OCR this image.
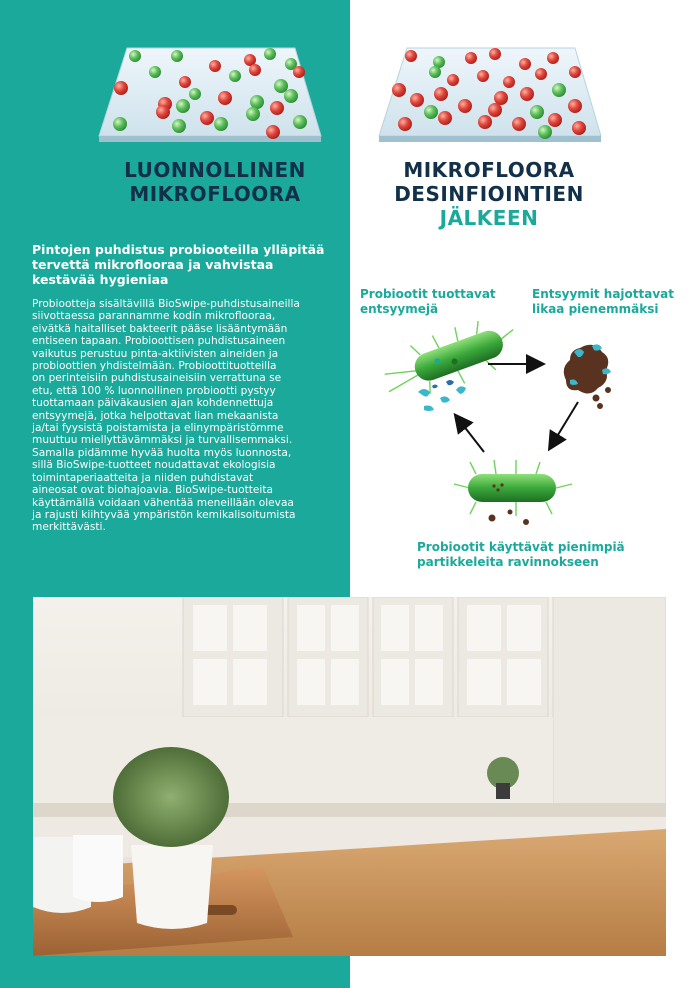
LUONNOLLINEN
MIKROFLOORA
MIKROFLOORA
DESINFIOINTIEN
JÄLKEEN
Pintojen puhdistus probiooteilla ylläpitää tervettä mikroflooraa ja vahvistaa kestävää hygieniaa
Probiootteja sisältävillä BioSwipe-puhdistusaineilla
siivottaessa parannamme kodin mikroflooraa,
eivätkä haitalliset bakteerit pääse lisääntymään
entiseen tapaan. Probioottisen puhdistusaineen
vaikutus perustuu pinta-aktiivisten aineiden ja
probioottien yhdistelmään. Probioottituotteilla
on perinteisiin puhdistusaineisiin verrattuna se
etu, että 100 % luonnollinen probiootti pystyy
tuottamaan päiväkausien ajan kohdennettuja
entsyymejä, jotka helpottavat lian mekaanista
ja/tai fyysistä poistamista ja elinympäristömme
muuttuu miellyttävämmäksi ja turvallisemmaksi.
Samalla pidämme hyvää huolta myös luonnosta,
sillä BioSwipe-tuotteet noudattavat ekologisia
toimintaperiaatteita ja niiden puhdistavat
aineosat ovat biohajoavia. BioSwipe-tuotteita
käyttämällä voidaan vähentää meneillään olevaa
ja rajusti kiihtyvää ympäristön kemikalisoitumista
merkittävästi.
Probiootit tuottavat
entsyymejä
Entsyymit hajottavat
likaa pienemmäksi
Probiootit käyttävät pienimpiä
partikkeleita ravinnokseen
